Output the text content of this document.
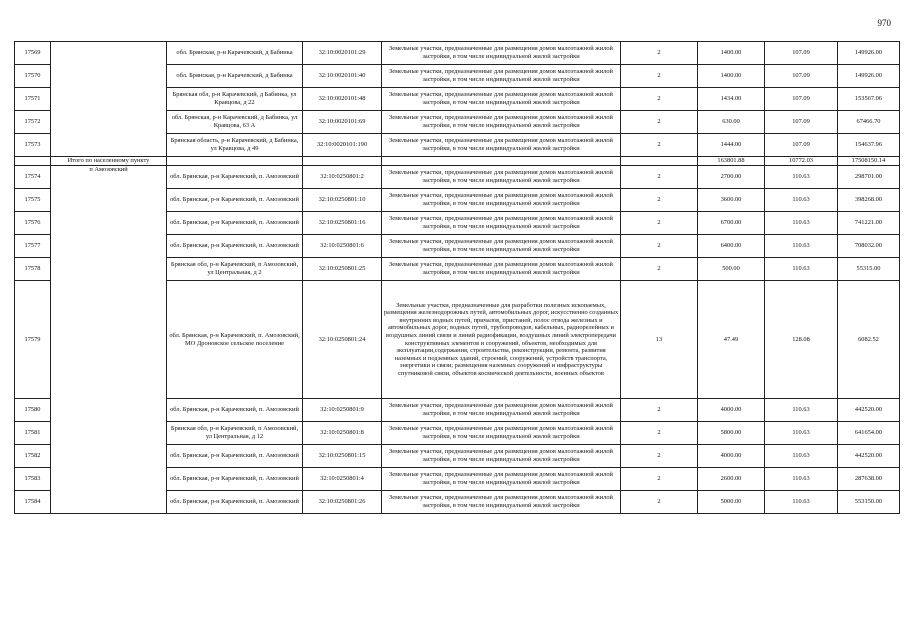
970
17569		обл. Брянская, р-н Карачевский, д Бабинка	32:10:0020101:29	Земельные участки, предназначенные для размещения домов малоэтажной жилой застройки, в том числе индивидуальной жилой застройки	2	1400.00	107.09	149926.00
17570		обл. Брянская, р-н Карачевский, д Бабинка	32:10:0020101:40	Земельные участки, предназначенные для размещения домов малоэтажной жилой застройки, в том числе индивидуальной жилой застройки	2	1400.00	107.09	149926.00
17571		Брянская обл, р-н Карачевский, д Бабинка, ул Кравцова, д 22	32:10:0020101:48	Земельные участки, предназначенные для размещения домов малоэтажной жилой застройки, в том числе индивидуальной жилой застройки	2	1434.00	107.09	153567.06
17572		обл. Брянская, р-н Карачевский, д Бабинка, ул Кравцова, 63 А	32:10:0020101:69	Земельные участки, предназначенные для размещения домов малоэтажной жилой застройки, в том числе индивидуальной жилой застройки	2	630.00	107.09	67466.70
17573		Брянская область, р-н Карачевский, д Бабинка, ул Кравцова, д 49	32:10:0020101:190	Земельные участки, предназначенные для размещения домов малоэтажной жилой застройки, в том числе индивидуальной жилой застройки	2	1444.00	107.09	154637.96
	Итого по населенному пункту					163801.88	10772.03	17508150.14
17574	п Амозовский	обл. Брянская, р-н Карачевский, п. Амозовский	32:10:0250801:2	Земельные участки, предназначенные для размещения домов малоэтажной жилой застройки, в том числе индивидуальной жилой застройки	2	2700.00	110.63	298701.00
17575		обл. Брянская, р-н Карачевский, п. Амозовский	32:10:0250801:10	Земельные участки, предназначенные для размещения домов малоэтажной жилой застройки, в том числе индивидуальной жилой застройки	2	3600.00	110.63	398268.00
17576		обл. Брянская, р-н Карачевский, п. Амозовский	32:10:0250801:16	Земельные участки, предназначенные для размещения домов малоэтажной жилой застройки, в том числе индивидуальной жилой застройки	2	6700.00	110.63	741221.00
17577		обл. Брянская, р-н Карачевский, п. Амозовский	32:10:0250801:6	Земельные участки, предназначенные для размещения домов малоэтажной жилой застройки, в том числе индивидуальной жилой застройки	2	6400.00	110.63	708032.00
17578		Брянская обл, р-н Карачевский, п Амозовский, ул Центральная, д 2	32:10:0250801:25	Земельные участки, предназначенные для размещения домов малоэтажной жилой застройки, в том числе индивидуальной жилой застройки	2	500.00	110.63	55315.00
17579		обл. Брянская, р-н Карачевский, п. Амозовский, МО Дроновское сельское поселение	32:10:0250801:24	Земельные участки, предназначенные для разработки полезных ископаемых, размещения железнодорожных путей, автомобильных дорог, искусственно созданных внутренних водных путей, причалов, пристаней, полос отвода железных и автомобильных дорог, водных путей, трубопроводов, кабельных, радиорелейных и воздушных линий связи и линий радиофикации, воздушных линий электропередачи конструктивных элементов и сооружений, объектов, необходимых для эксплуатации,содержания, строительства, реконструкции, ремонта, развития наземных и подземных зданий, строений, сооружений, устройств транспорта, энергетики и связи; размещения наземных сооружений и инфраструктуры спутниковой связи, объектов космической деятельности, военных объектов	13	47.49	128.08	6082.52
17580		обл. Брянская, р-н Карачевский, п. Амозовский	32:10:0250801:9	Земельные участки, предназначенные для размещения домов малоэтажной жилой застройки, в том числе индивидуальной жилой застройки	2	4000.00	110.63	442520.00
17581		Брянская обл, р-н Карачевский, п Амозовский, ул Центральная, д 12	32:10:0250801:8	Земельные участки, предназначенные для размещения домов малоэтажной жилой застройки, в том числе индивидуальной жилой застройки	2	5800.00	110.63	641654.00
17582		обл. Брянская, р-н Карачевский, п. Амозовский	32:10:0250801:15	Земельные участки, предназначенные для размещения домов малоэтажной жилой застройки, в том числе индивидуальной жилой застройки	2	4000.00	110.63	442520.00
17583		обл. Брянская, р-н Карачевский, п. Амозовский	32:10:0250801:4	Земельные участки, предназначенные для размещения домов малоэтажной жилой застройки, в том числе индивидуальной жилой застройки	2	2600.00	110.63	287638.00
17584		обл. Брянская, р-н Карачевский, п. Амозовский	32:10:0250801:26	Земельные участки, предназначенные для размещения домов малоэтажной жилой застройки, в том числе индивидуальной жилой застройки	2	5000.00	110.63	553150.00
